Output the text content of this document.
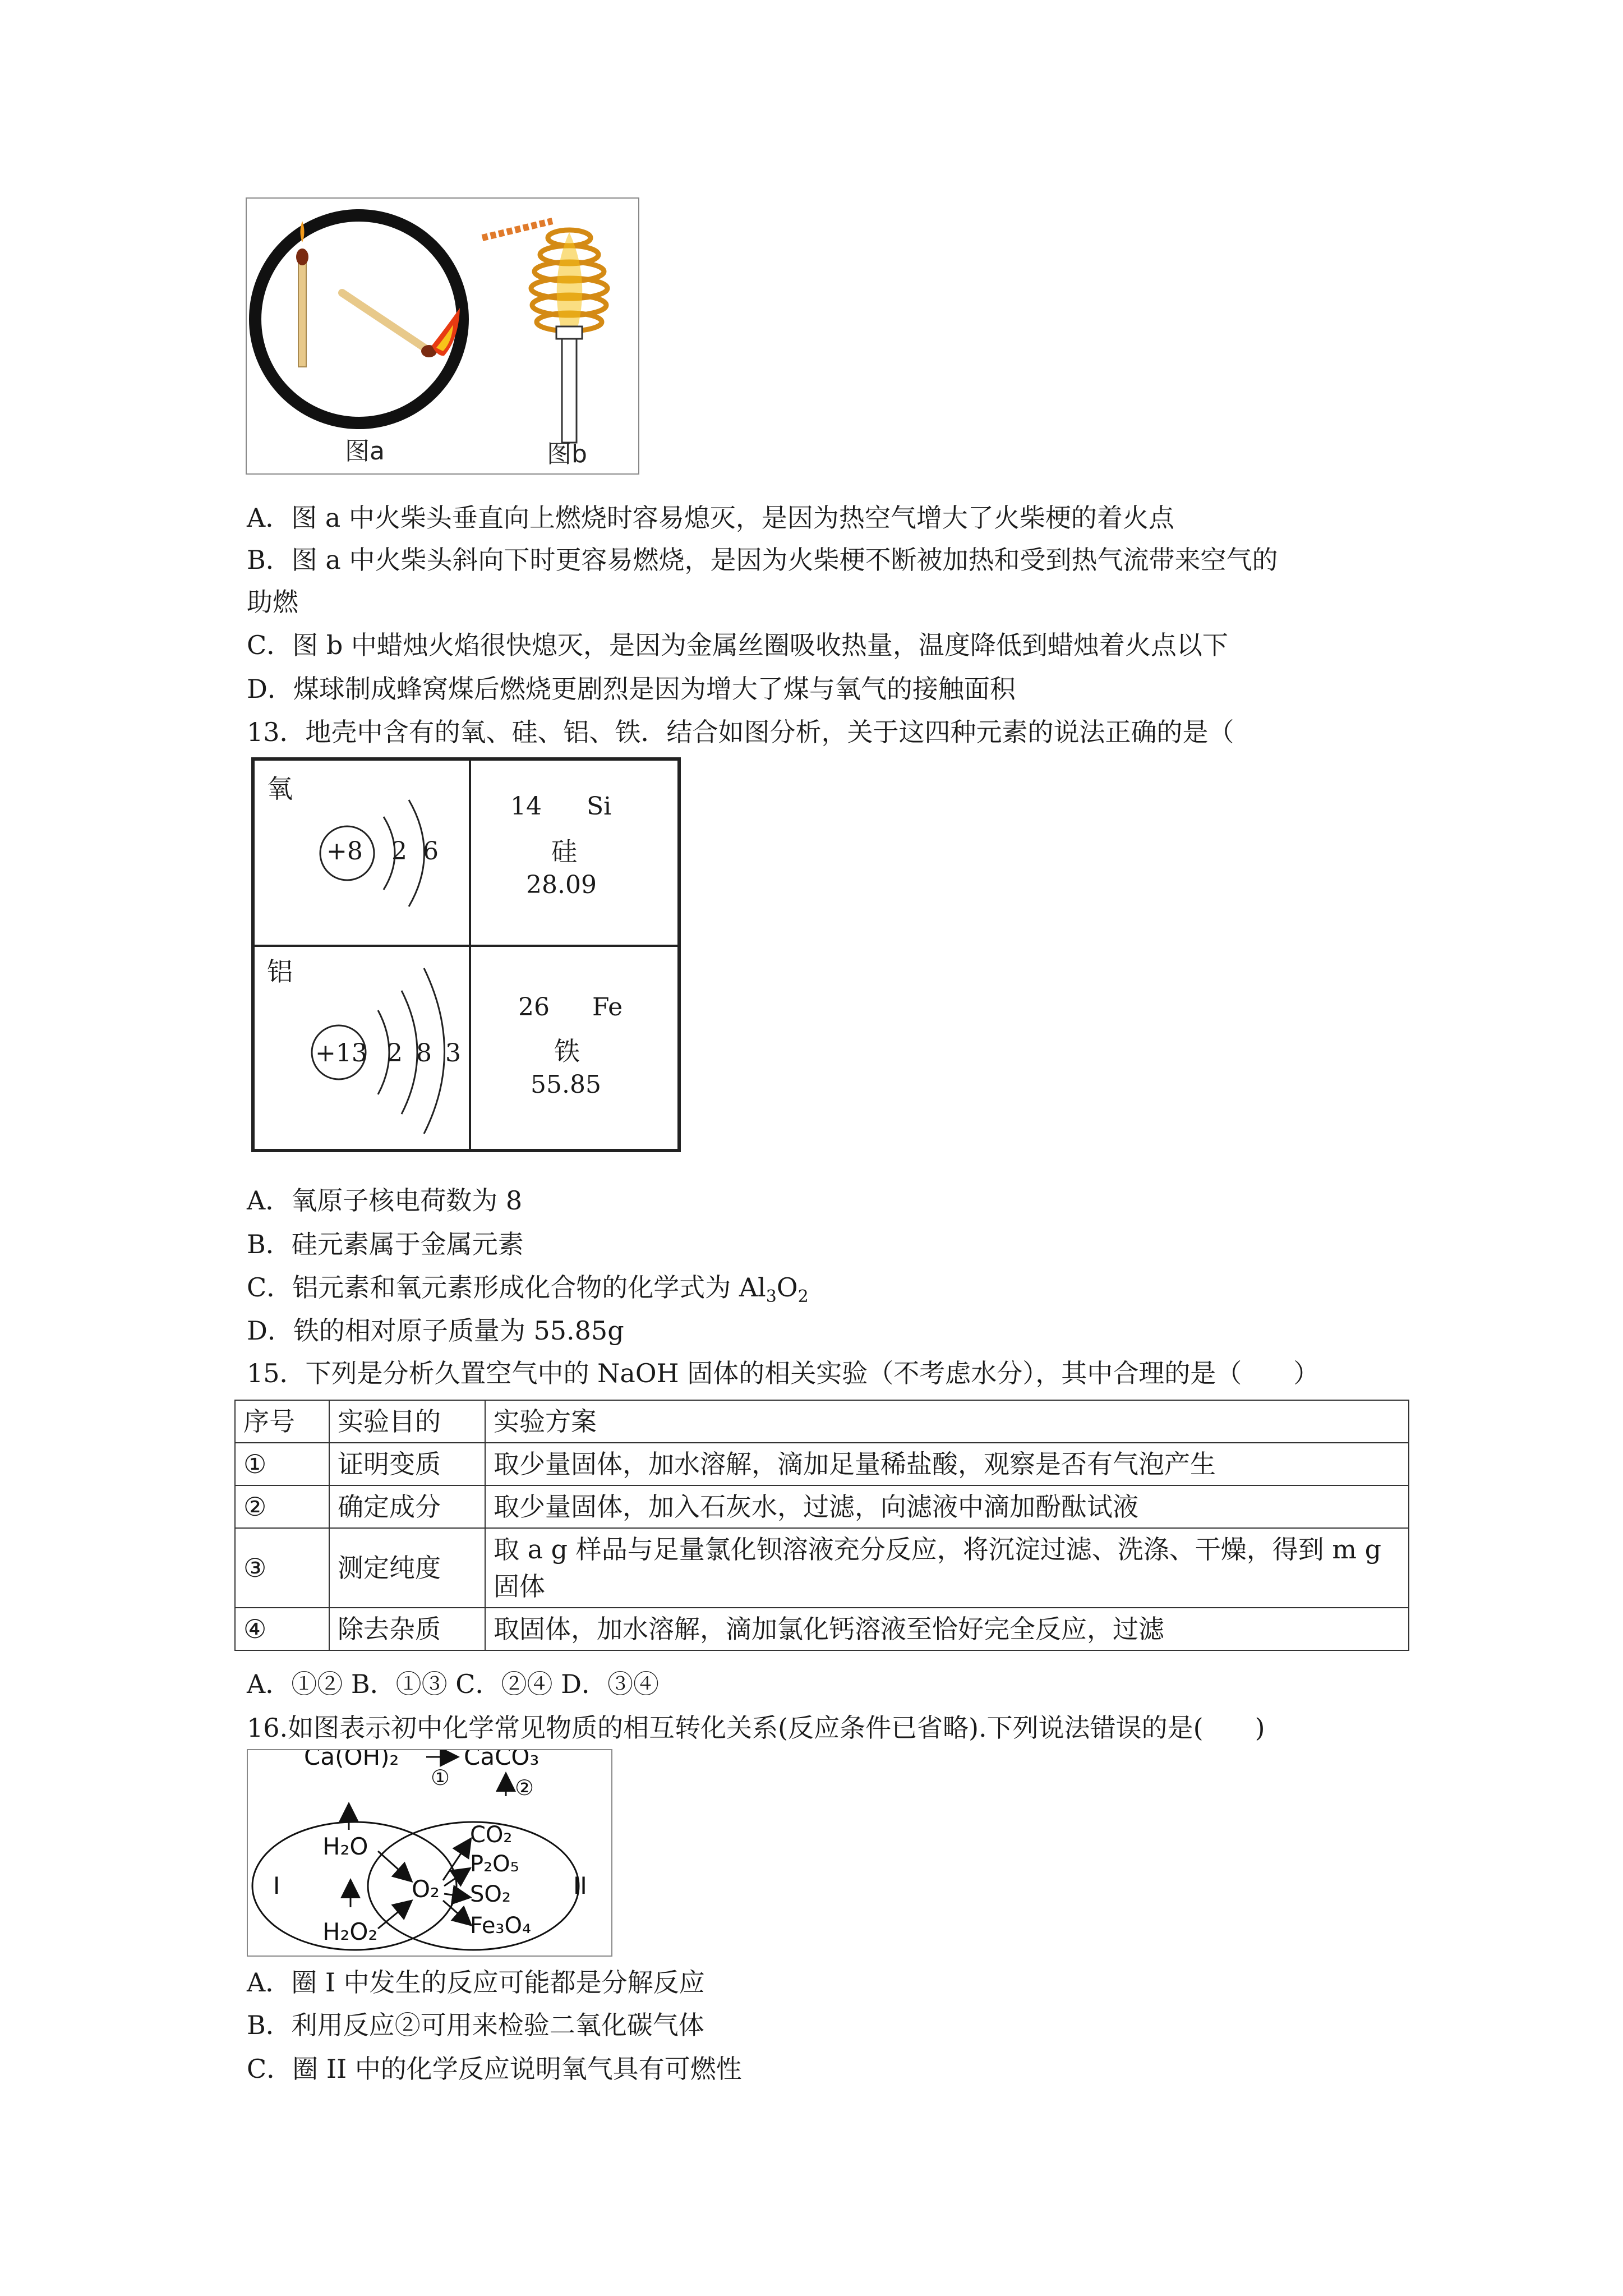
图a	图b
A．图 a 中火柴头垂直向上燃烧时容易熄灭，是因为热空气增大了火柴梗的着火点
B．图 a 中火柴头斜向下时更容易燃烧，是因为火柴梗不断被加热和受到热气流带来空气的
助燃
C．图 b 中蜡烛火焰很快熄灭，是因为金属丝圈吸收热量，温度降低到蜡烛着火点以下
D．煤球制成蜂窝煤后燃烧更剧烈是因为增大了煤与氧气的接触面积
13．地壳中含有的氧、硅、铝、铁．结合如图分析，关于这四种元素的说法正确的是（
氧
+8 2 6
14 Si
硅
28.09
铝
+13 2 8 3
26 Fe
铁
55.85
A．氧原子核电荷数为 8
B．硅元素属于金属元素
C．铝元素和氧元素形成化合物的化学式为 $Al_3O_2$
D．铁的相对原子质量为 55.85g
15．下列是分析久置空气中的 NaOH 固体的相关实验（不考虑水分），其中合理的是（　　）
序号	实验目的	实验方案
①	证明变质	取少量固体，加水溶解，滴加足量稀盐酸，观察是否有气泡产生
②	确定成分	取少量固体，加入石灰水，过滤，向滤液中滴加酚酞试液
③	测定纯度	取 a g 样品与足量氯化钡溶液充分反应，将沉淀过滤、洗涤、干燥，得到 m g 固体
④	除去杂质	取固体，加水溶解，滴加氯化钙溶液至恰好完全反应，过滤
A．①② B．①③ C．②④ D．③④
16.如图表示初中化学常见物质的相互转化关系(反应条件已省略).下列说法错误的是(　　)
Ca(OH)₂	CaCO₃
①	②
H₂O
H₂O₂
I	II
O₂
CO₂
P₂O₅
SO₂
Fe₃O₄
A．圈 I 中发生的反应可能都是分解反应
B．利用反应②可用来检验二氧化碳气体
C．圈 II 中的化学反应说明氧气具有可燃性
